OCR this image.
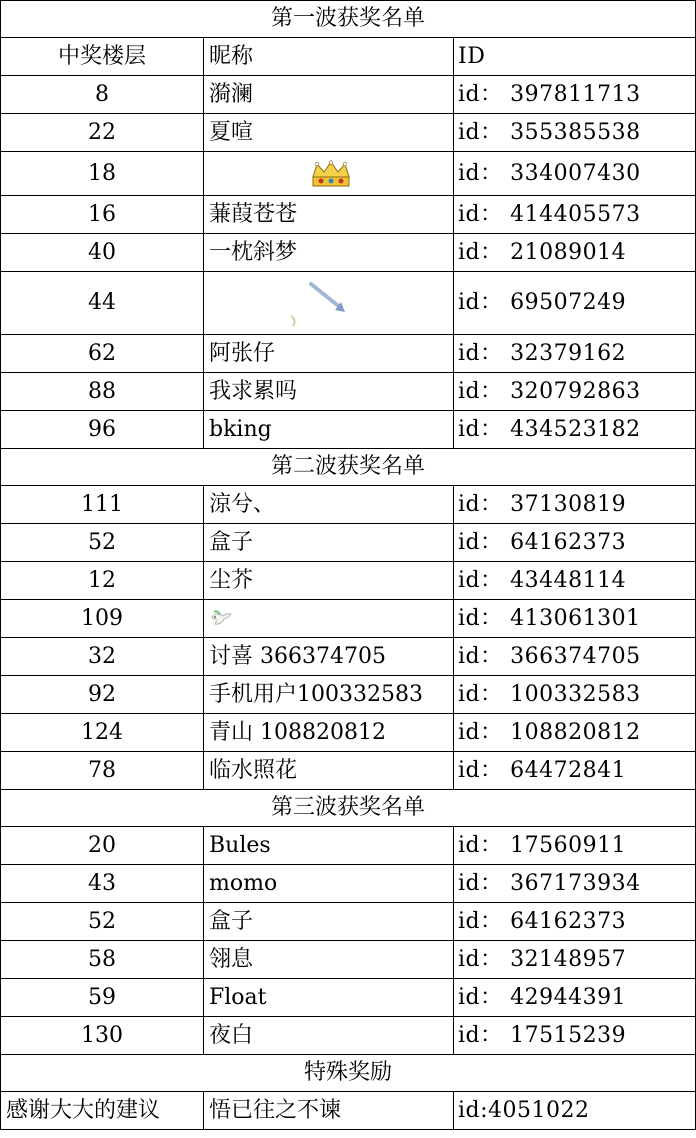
第一波获奖名单		
中奖楼层	昵称	ID
8	漪澜	id： 397811713
22	夏喧	id： 355385538
18		id： 334007430
16	蒹葭苍苍	id： 414405573
40	一枕斜梦	id： 21089014
44		id： 69507249
62	阿张仔	id： 32379162
88	我求累吗	id： 320792863
96	bking	id： 434523182
第二波获奖名单		
111	涼兮、	id： 37130819
52	盒子	id： 64162373
12	尘芥	id： 43448114
109		id： 413061301
32	讨喜 366374705	id： 366374705
92	手机用户100332583	id： 100332583
124	青山 108820812	id： 108820812
78	临水照花	id： 64472841
第三波获奖名单		
20	Bules	id： 17560911
43	momo	id： 367173934
52	盒子	id： 64162373
58	翎息	id： 32148957
59	Float	id： 42944391
130	夜白	id： 17515239
特殊奖励		
感谢大大的建议	悟已往之不谏	id:4051022
